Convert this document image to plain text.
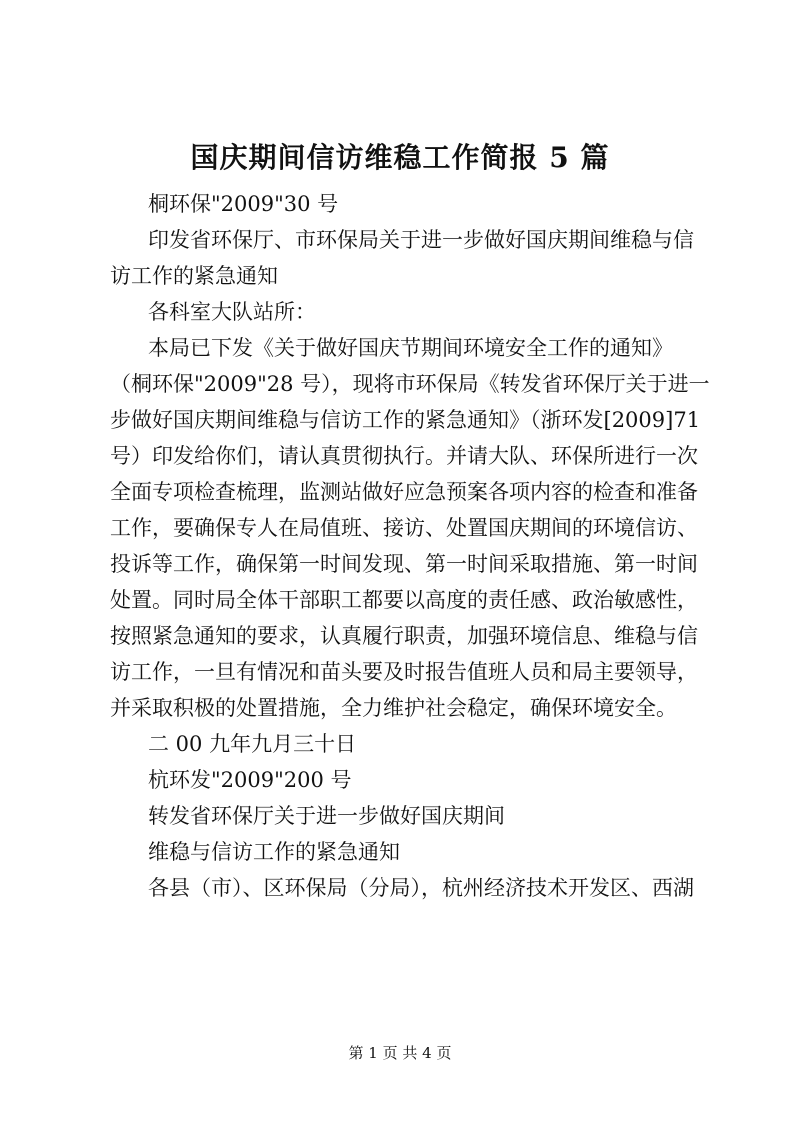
国庆期间信访维稳工作简报 5 篇
桐环保"2009"30 号
印发省环保厅、市环保局关于进一步做好国庆期间维稳与信
访工作的紧急通知
各科室大队站所：
本局已下发《关于做好国庆节期间环境安全工作的通知》
（桐环保"2009"28 号），现将市环保局《转发省环保厅关于进一
步做好国庆期间维稳与信访工作的紧急通知》（浙环发[2009]71
号）印发给你们，请认真贯彻执行。并请大队、环保所进行一次
全面专项检查梳理，监测站做好应急预案各项内容的检查和准备
工作，要确保专人在局值班、接访、处置国庆期间的环境信访、
投诉等工作，确保第一时间发现、第一时间采取措施、第一时间
处置。同时局全体干部职工都要以高度的责任感、政治敏感性，
按照紧急通知的要求，认真履行职责，加强环境信息、维稳与信
访工作，一旦有情况和苗头要及时报告值班人员和局主要领导，
并采取积极的处置措施，全力维护社会稳定，确保环境安全。
二 00 九年九月三十日
杭环发"2009"200 号
转发省环保厅关于进一步做好国庆期间
维稳与信访工作的紧急通知
各县（市）、区环保局（分局），杭州经济技术开发区、西湖
第 1 页 共 4 页
